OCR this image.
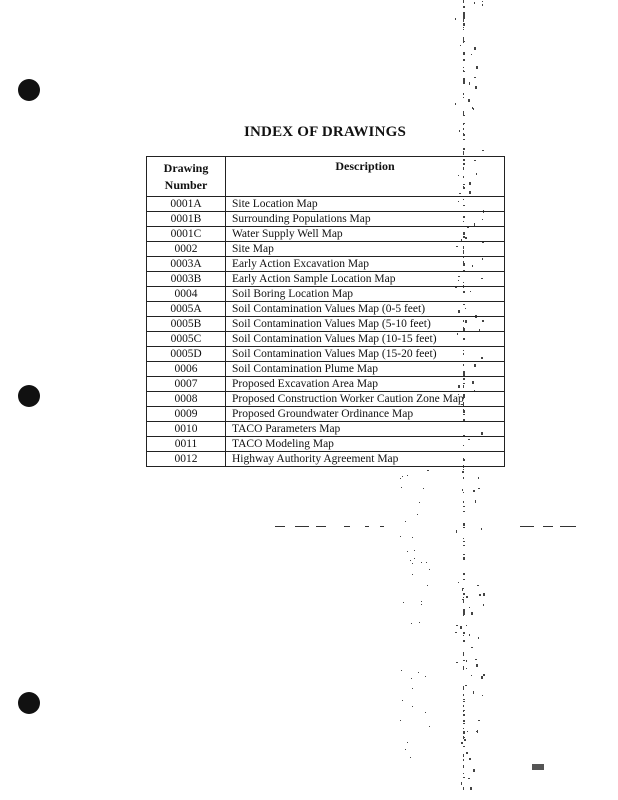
INDEX OF DRAWINGS
Drawing Number	Description
0001A	Site Location Map
0001B	Surrounding Populations Map
0001C	Water Supply Well Map
0002	Site Map
0003A	Early Action Excavation Map
0003B	Early Action Sample Location Map
0004	Soil Boring Location Map
0005A	Soil Contamination Values Map (0-5 feet)
0005B	Soil Contamination Values Map (5-10 feet)
0005C	Soil Contamination Values Map (10-15 feet)
0005D	Soil Contamination Values Map (15-20 feet)
0006	Soil Contamination Plume Map
0007	Proposed Excavation Area Map
0008	Proposed Construction Worker Caution Zone Map
0009	Proposed Groundwater Ordinance Map
0010	TACO Parameters Map
0011	TACO Modeling Map
0012	Highway Authority Agreement Map
